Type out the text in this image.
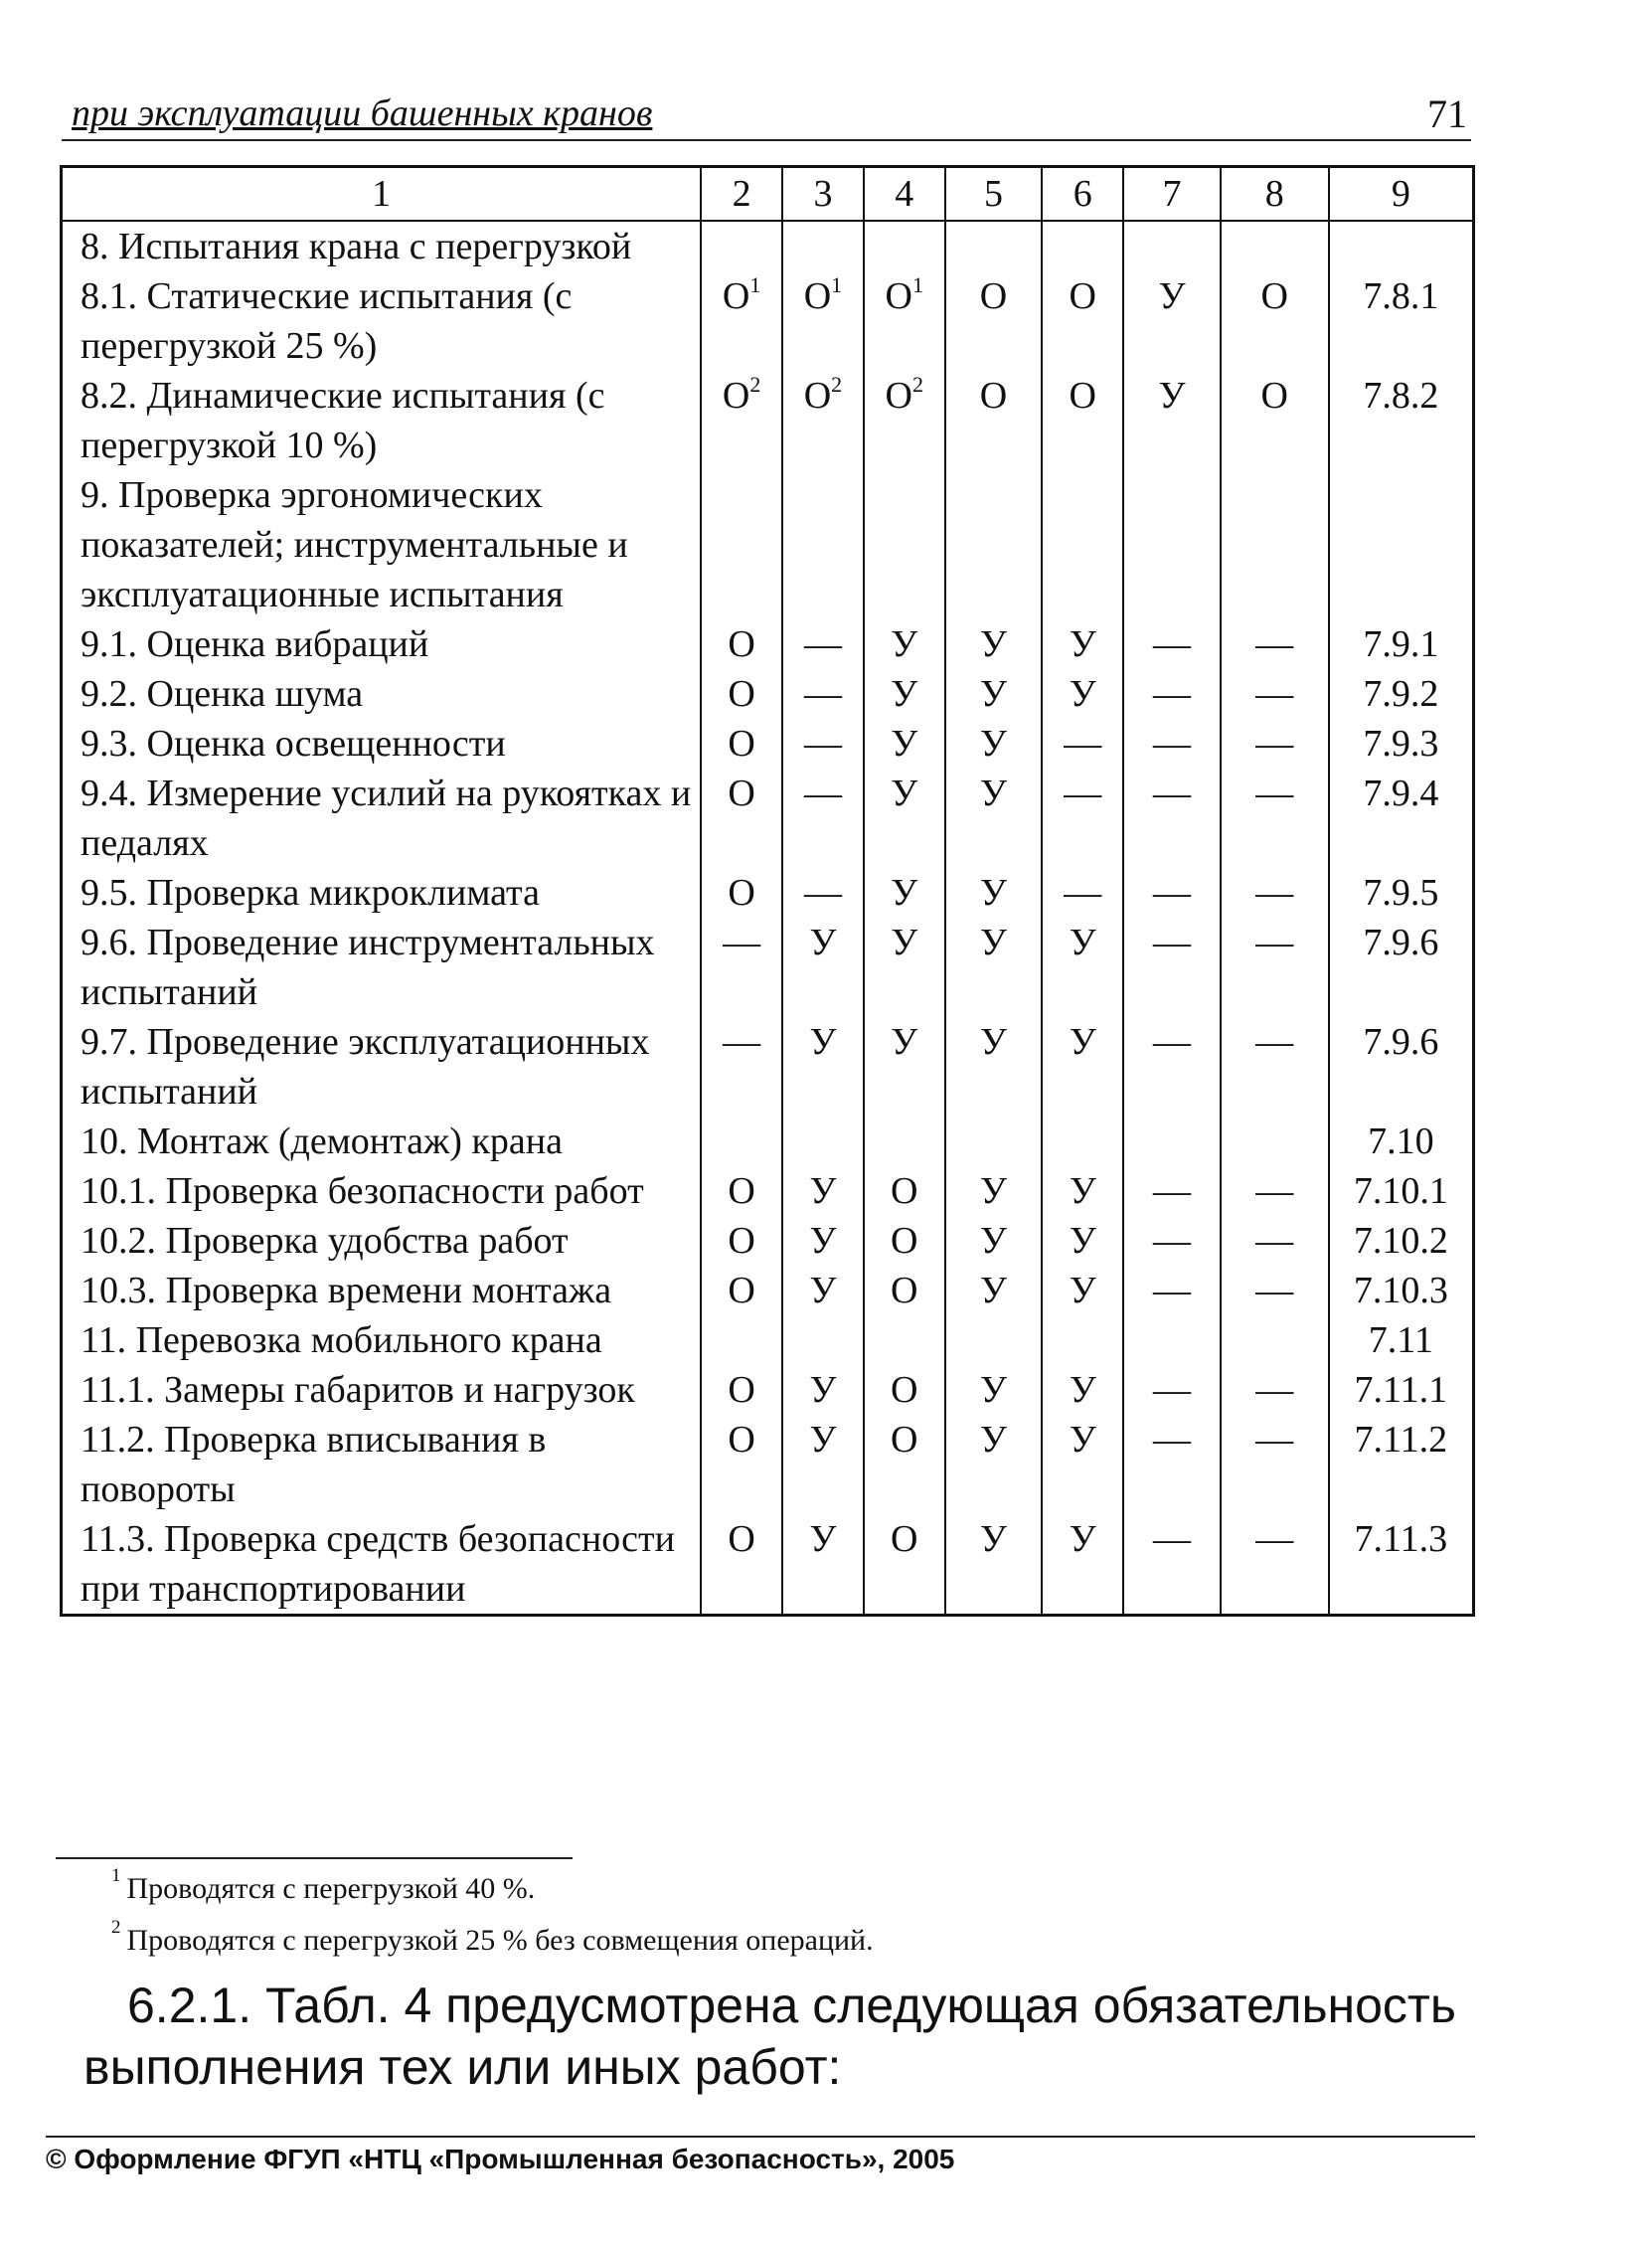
при эксплуатации башенных кранов	71
1	2	3	4	5	6	7	8	9
8. Испытания крана с перегрузкой								
8.1. Статические испытания (с перегрузкой 25 %)	$О^1$	$О^1$	$О^1$	О	О	У	О	7.8.1
8.2. Динамические испытания (с перегрузкой 10 %)	$О^2$	$О^2$	$О^2$	О	О	У	О	7.8.2
9. Проверка эргономических показателей; инструментальные и эксплуатационные испытания								
9.1. Оценка вибраций	О	—	У	У	У	—	—	7.9.1
9.2. Оценка шума	О	—	У	У	У	—	—	7.9.2
9.3. Оценка освещенности	О	—	У	У	—	—	—	7.9.3
9.4. Измерение усилий на рукоятках и педалях	О	—	У	У	—	—	—	7.9.4
9.5. Проверка микроклимата	О	—	У	У	—	—	—	7.9.5
9.6. Проведение инструментальных испытаний	—	У	У	У	У	—	—	7.9.6
9.7. Проведение эксплуатационных испытаний	—	У	У	У	У	—	—	7.9.6
10. Монтаж (демонтаж) крана								7.10
10.1. Проверка безопасности работ	О	У	О	У	У	—	—	7.10.1
10.2. Проверка удобства работ	О	У	О	У	У	—	—	7.10.2
10.3. Проверка времени монтажа	О	У	О	У	У	—	—	7.10.3
11. Перевозка мобильного крана								7.11
11.1. Замеры габаритов и нагрузок	О	У	О	У	У	—	—	7.11.1
11.2. Проверка вписывания в повороты	О	У	О	У	У	—	—	7.11.2
11.3. Проверка средств безопасности при транспортировании	О	У	О	У	У	—	—	7.11.3
$^1$ Проводятся с перегрузкой 40 %.
$^2$ Проводятся с перегрузкой 25 % без совмещения операций.
6.2.1. Табл. 4 предусмотрена следующая обязательность выполнения тех или иных работ:
© Оформление ФГУП «НТЦ «Промышленная безопасность», 2005
